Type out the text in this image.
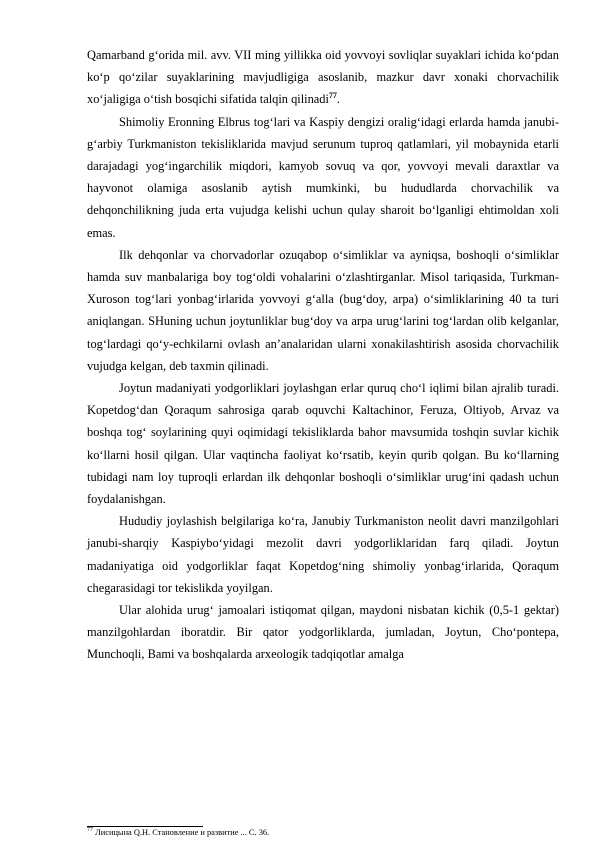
Qamarband g‘orida mil. avv. VII ming yillikka oid yovvoyi sovliqlar suyaklari ichida ko‘pdan ko‘p qo‘zilar suyaklarining mavjudligiga asoslanib, mazkur davr xonaki chorvachilik xo‘jaligiga o‘tish bosqichi sifatida talqin qilinadi$^{77}$.

Shimoliy Eronning Elbrus tog‘lari va Kaspiy dengizi oralig‘idagi erlarda hamda janubi-g‘arbiy Turkmaniston tekisliklarida mavjud serunum tuproq qatlamlari, yil mobaynida etarli darajadagi yog‘ingarchilik miqdori, kamyob sovuq va qor, yovvoyi mevali daraxtlar va hayvonot olamiga asoslanib aytish mumkinki, bu hududlarda chorvachilik va dehqonchilikning juda erta vujudga kelishi uchun qulay sharoit bo‘lganligi ehtimoldan xoli emas.

Ilk dehqonlar va chorvadorlar ozuqabop o‘simliklar va ayniqsa, boshoqli o‘simliklar hamda suv manbalariga boy tog‘oldi vohalarini o‘zlashtirganlar. Misol tariqasida, Turkman-Xuroson tog‘lari yonbag‘irlarida yovvoyi g‘alla (bug‘doy, arpa) o‘simliklarining 40 ta turi aniqlangan. SHuning uchun joytunliklar bug‘doy va arpa urug‘larini tog‘lardan olib kelganlar, tog‘lardagi qo‘y-echkilarni ovlash an’analaridan ularni xonakilashtirish asosida chorvachilik vujudga kelgan, deb taxmin qilinadi.

Joytun madaniyati yodgorliklari joylashgan erlar quruq cho‘l iqlimi bilan ajralib turadi. Kopetdog‘dan Qoraqum sahrosiga qarab oquvchi Kaltachinor, Feruza, Oltiyob, Arvaz va boshqa tog‘ soylarining quyi oqimidagi tekisliklarda bahor mavsumida toshqin suvlar kichik ko‘llarni hosil qilgan. Ular vaqtincha faoliyat ko‘rsatib, keyin qurib qolgan. Bu ko‘llarning tubidagi nam loy tuproqli erlardan ilk dehqonlar boshoqli o‘simliklar urug‘ini qadash uchun foydalanishgan.

Hududiy joylashish belgilariga ko‘ra, Janubiy Turkmaniston neolit davri manzilgohlari janubi-sharqiy Kaspiybo‘yidagi mezolit davri yodgorliklaridan farq qiladi. Joytun madaniyatiga oid yodgorliklar faqat Kopetdog‘ning shimoliy yonbag‘irlarida, Qoraqum chegarasidagi tor tekislikda yoyilgan.

Ular alohida urug‘ jamoalari istiqomat qilgan, maydoni nisbatan kichik (0,5-1 gektar) manzilgohlardan iboratdir. Bir qator yodgorliklarda, jumladan, Joytun, Cho‘pontepa, Munchoqli, Bami va boshqalarda arxeologik tadqiqotlar amalga

$^{77}$ Лисицына Q.Н. Становление и развитие ... С. 36.
